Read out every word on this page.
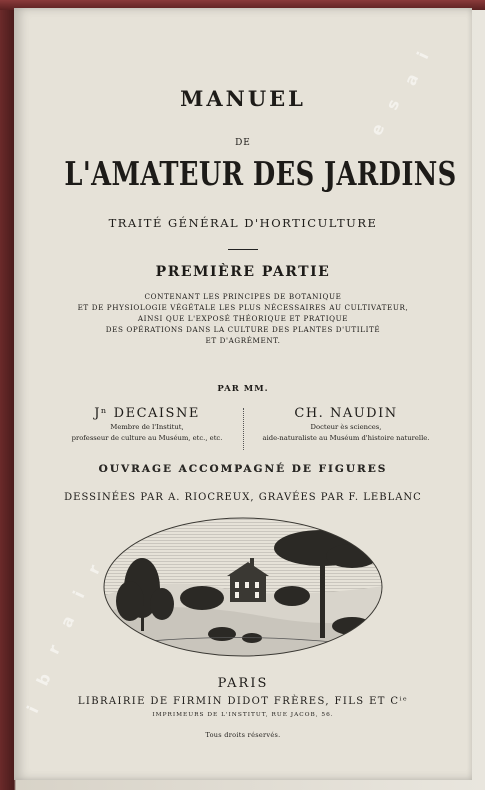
MANUEL
DE
L'AMATEUR DES JARDINS
TRAITÉ GÉNÉRAL D'HORTICULTURE
PREMIÈRE PARTIE
CONTENANT LES PRINCIPES DE BOTANIQUE
ET DE PHYSIOLOGIE VÉGÉTALE LES PLUS NÉCESSAIRES AU CULTIVATEUR,
AINSI QUE L'EXPOSÉ THÉORIQUE ET PRATIQUE
DES OPÉRATIONS DANS LA CULTURE DES PLANTES D'UTILITÉ
ET D'AGRÉMENT.
PAR MM.
Jⁿ DECAISNE
Membre de l'Institut,
professeur de culture au Muséum, etc., etc.
CH. NAUDIN
Docteur ès sciences,
aide-naturaliste au Muséum d'histoire naturelle.
OUVRAGE ACCOMPAGNÉ DE FIGURES
DESSINÉES PAR A. RIOCREUX, GRAVÉES PAR F. LEBLANC
PARIS
LIBRAIRIE DE FIRMIN DIDOT FRÈRES, FILS ET Cⁱᵉ
IMPRIMEURS DE L'INSTITUT, RUE JACOB, 56.
Tous droits réservés.
i
b
r
a
i
r
a
i
s
e
